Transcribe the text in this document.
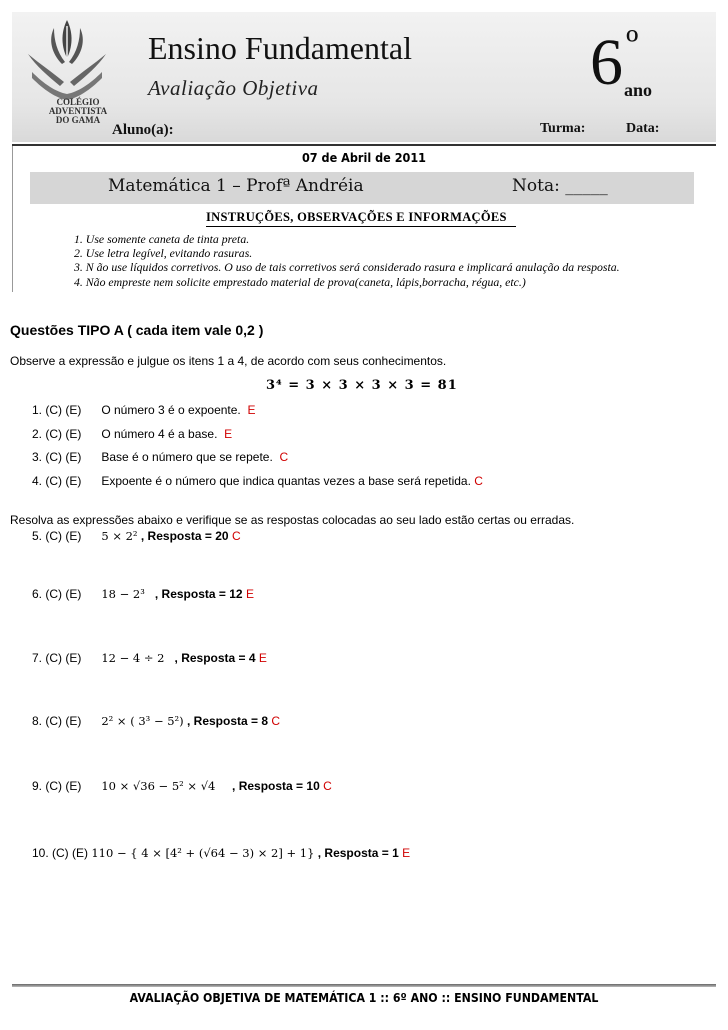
COLÉGIO
ADVENTISTA
DO GAMA
Ensino Fundamental
Avaliação Objetiva	6 º
ano
Aluno(a):	Turma:	Data:
07 de Abril de 2011
Matemática 1 – Profª Andréia	Nota: _____
INSTRUÇÕES, OBSERVAÇÕES E INFORMAÇÕES
1. Use somente caneta de tinta preta.
2. Use letra legível, evitando rasuras.
3. N ão use líquidos corretivos. O uso de tais corretivos será considerado rasura e implicará anulação da resposta.
4. Não empreste nem solicite emprestado material de prova(caneta, lápis,borracha, régua, etc.)
Questões TIPO A ( cada item vale 0,2 )
Observe a expressão e julgue os itens 1 a 4, de acordo com seus conhecimentos.
3⁴ = 3 × 3 × 3 × 3 = 81
1. (C) (E) O número 3 é o expoente. E
2. (C) (E) O número 4 é a base. E
3. (C) (E) Base é o número que se repete. C
4. (C) (E) Expoente é o número que indica quantas vezes a base será repetida. C
Resolva as expressões abaixo e verifique se as respostas colocadas ao seu lado estão certas ou erradas.
5. (C) (E) 5 × 2² , Resposta = 20 C
6. (C) (E) 18 − 2³ , Resposta = 12 E
7. (C) (E) 12 − 4 ÷ 2 , Resposta = 4 E
8. (C) (E) 2² × ( 3³ − 5²) , Resposta = 8 C
9. (C) (E) 10 × √36 − 5² × √4 , Resposta = 10 C
10. (C) (E) 110 − { 4 × [4² + (√64 − 3) × 2] + 1} , Resposta = 1 E
AVALIAÇÃO OBJETIVA DE MATEMÁTICA 1 :: 6º ANO :: ENSINO FUNDAMENTAL
